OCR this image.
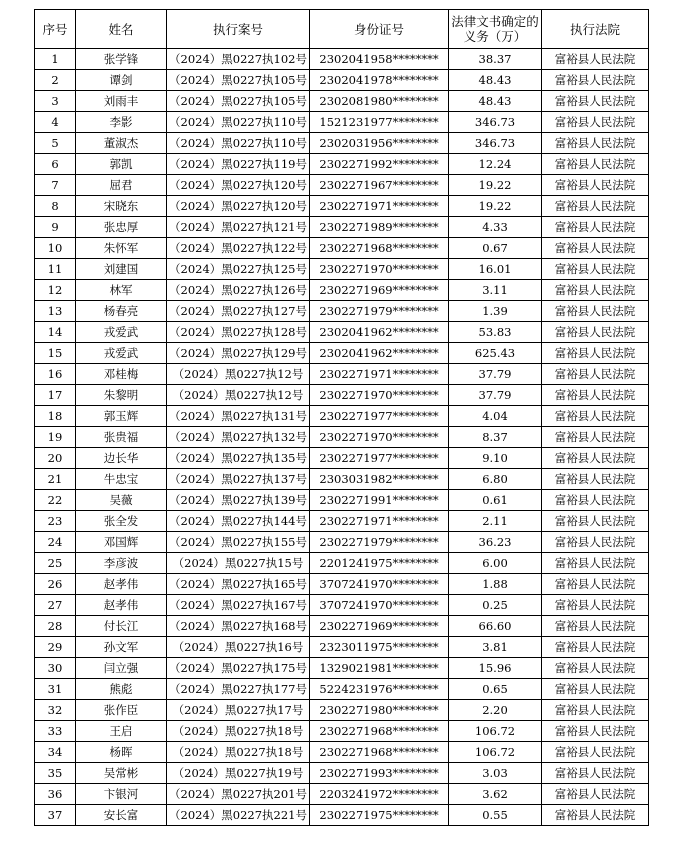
序号	姓名	执行案号	身份证号	法律文书确定的义务（万）	执行法院
1	张学锋	（2024）黑0227执102号	2302041958********	38.37	富裕县人民法院
2	谭剑	（2024）黑0227执105号	2302041978********	48.43	富裕县人民法院
3	刘雨丰	（2024）黑0227执105号	2302081980********	48.43	富裕县人民法院
4	李影	（2024）黑0227执110号	1521231977********	346.73	富裕县人民法院
5	董淑杰	（2024）黑0227执110号	2302031956********	346.73	富裕县人民法院
6	郭凯	（2024）黑0227执119号	2302271992********	12.24	富裕县人民法院
7	屈君	（2024）黑0227执120号	2302271967********	19.22	富裕县人民法院
8	宋晓东	（2024）黑0227执120号	2302271971********	19.22	富裕县人民法院
9	张忠厚	（2024）黑0227执121号	2302271989********	4.33	富裕县人民法院
10	朱怀军	（2024）黑0227执122号	2302271968********	0.67	富裕县人民法院
11	刘建国	（2024）黑0227执125号	2302271970********	16.01	富裕县人民法院
12	林军	（2024）黑0227执126号	2302271969********	3.11	富裕县人民法院
13	杨春亮	（2024）黑0227执127号	2302271979********	1.39	富裕县人民法院
14	戎爱武	（2024）黑0227执128号	2302041962********	53.83	富裕县人民法院
15	戎爱武	（2024）黑0227执129号	2302041962********	625.43	富裕县人民法院
16	邓桂梅	（2024）黑0227执12号	2302271971********	37.79	富裕县人民法院
17	朱黎明	（2024）黑0227执12号	2302271970********	37.79	富裕县人民法院
18	郭玉辉	（2024）黑0227执131号	2302271977********	4.04	富裕县人民法院
19	张贵福	（2024）黑0227执132号	2302271970********	8.37	富裕县人民法院
20	边长华	（2024）黑0227执135号	2302271977********	9.10	富裕县人民法院
21	牛忠宝	（2024）黑0227执137号	2303031982********	6.80	富裕县人民法院
22	吴薇	（2024）黑0227执139号	2302271991********	0.61	富裕县人民法院
23	张全发	（2024）黑0227执144号	2302271971********	2.11	富裕县人民法院
24	邓国辉	（2024）黑0227执155号	2302271979********	36.23	富裕县人民法院
25	李彦波	（2024）黑0227执15号	2201241975********	6.00	富裕县人民法院
26	赵孝伟	（2024）黑0227执165号	3707241970********	1.88	富裕县人民法院
27	赵孝伟	（2024）黑0227执167号	3707241970********	0.25	富裕县人民法院
28	付长江	（2024）黑0227执168号	2302271969********	66.60	富裕县人民法院
29	孙文军	（2024）黑0227执16号	2323011975********	3.81	富裕县人民法院
30	闫立强	（2024）黑0227执175号	1329021981********	15.96	富裕县人民法院
31	熊彪	（2024）黑0227执177号	5224231976********	0.65	富裕县人民法院
32	张作臣	（2024）黑0227执17号	2302271980********	2.20	富裕县人民法院
33	王启	（2024）黑0227执18号	2302271968********	106.72	富裕县人民法院
34	杨晖	（2024）黑0227执18号	2302271968********	106.72	富裕县人民法院
35	吴常彬	（2024）黑0227执19号	2302271993********	3.03	富裕县人民法院
36	卞银河	（2024）黑0227执201号	2203241972********	3.62	富裕县人民法院
37	安长富	（2024）黑0227执221号	2302271975********	0.55	富裕县人民法院
